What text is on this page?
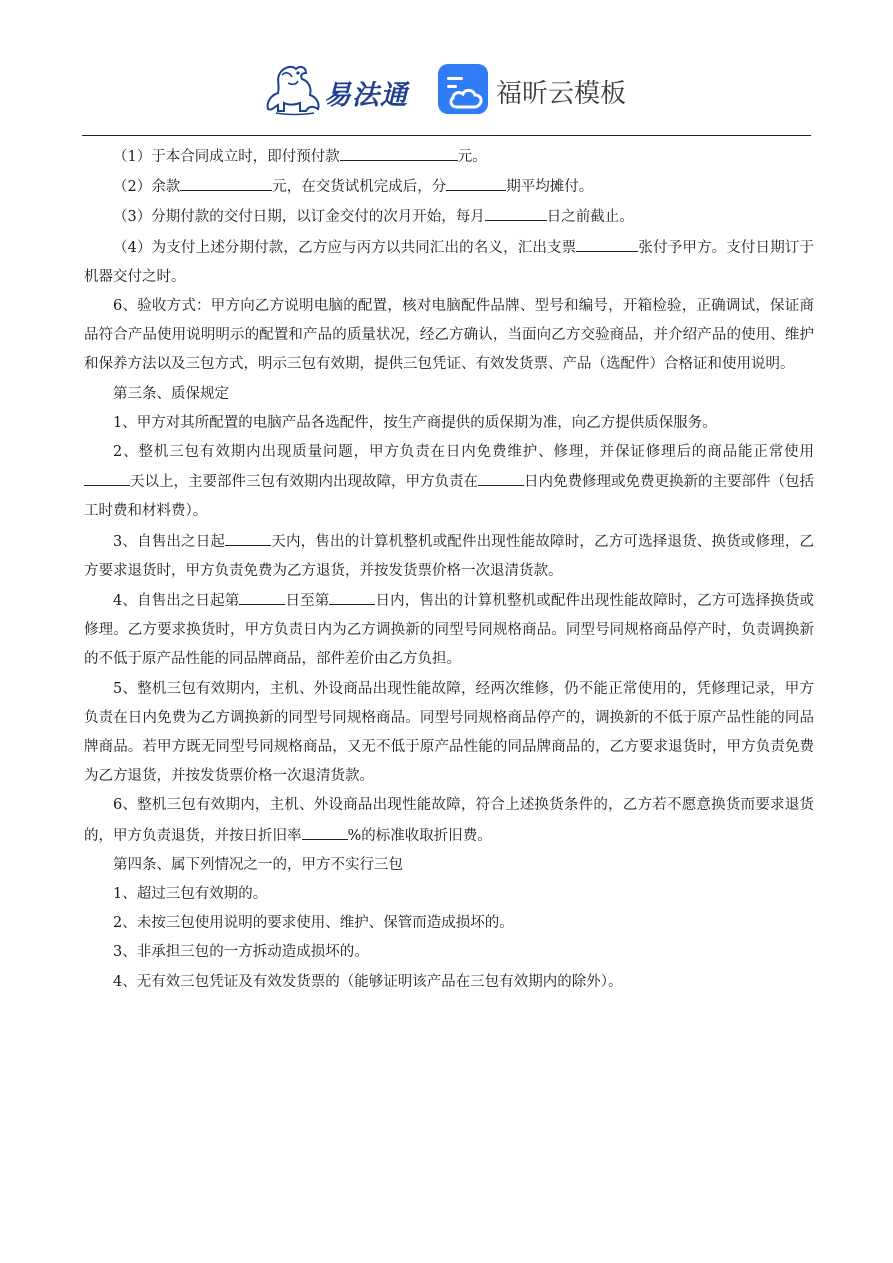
易法通	福昕云模板

（1）于本合同成立时，即付预付款	元。

（2）余款	元，在交货试机完成后，分	期平均摊付。

（3）分期付款的交付日期，以订金交付的次月开始，每月	日之前截止。

（4）为支付上述分期付款，乙方应与丙方以共同汇出的名义，汇出支票	张付予甲方。支付日期订于机器交付之时。

6、验收方式：甲方向乙方说明电脑的配置，核对电脑配件品牌、型号和编号，开箱检验，正确调试，保证商品符合产品使用说明明示的配置和产品的质量状况，经乙方确认，当面向乙方交验商品，并介绍产品的使用、维护和保养方法以及三包方式，明示三包有效期，提供三包凭证、有效发货票、产品（选配件）合格证和使用说明。

第三条、质保规定

1、甲方对其所配置的电脑产品各选配件，按生产商提供的质保期为准，向乙方提供质保服务。

2、整机三包有效期内出现质量问题，甲方负责在日内免费维护、修理，并保证修理后的商品能正常使用天以上，主要部件三包有效期内出现故障，甲方负责在	日内免费修理或免费更换新的主要部件（包括工时费和材料费）。

3、自售出之日起	天内，售出的计算机整机或配件出现性能故障时，乙方可选择退货、换货或修理，乙方要求退货时，甲方负责免费为乙方退货，并按发货票价格一次退清货款。

4、自售出之日起第	日至第	日内，售出的计算机整机或配件出现性能故障时，乙方可选择换货或修理。乙方要求换货时，甲方负责日内为乙方调换新的同型号同规格商品。同型号同规格商品停产时，负责调换新的不低于原产品性能的同品牌商品，部件差价由乙方负担。

5、整机三包有效期内，主机、外设商品出现性能故障，经两次维修，仍不能正常使用的，凭修理记录，甲方负责在日内免费为乙方调换新的同型号同规格商品。同型号同规格商品停产的，调换新的不低于原产品性能的同品牌商品。若甲方既无同型号同规格商品，又无不低于原产品性能的同品牌商品的，乙方要求退货时，甲方负责免费为乙方退货，并按发货票价格一次退清货款。

6、整机三包有效期内，主机、外设商品出现性能故障，符合上述换货条件的，乙方若不愿意换货而要求退货的，甲方负责退货，并按日折旧率	%的标准收取折旧费。

第四条、属下列情况之一的，甲方不实行三包

1、超过三包有效期的。

2、未按三包使用说明的要求使用、维护、保管而造成损坏的。

3、非承担三包的一方拆动造成损坏的。

4、无有效三包凭证及有效发货票的（能够证明该产品在三包有效期内的除外）。
